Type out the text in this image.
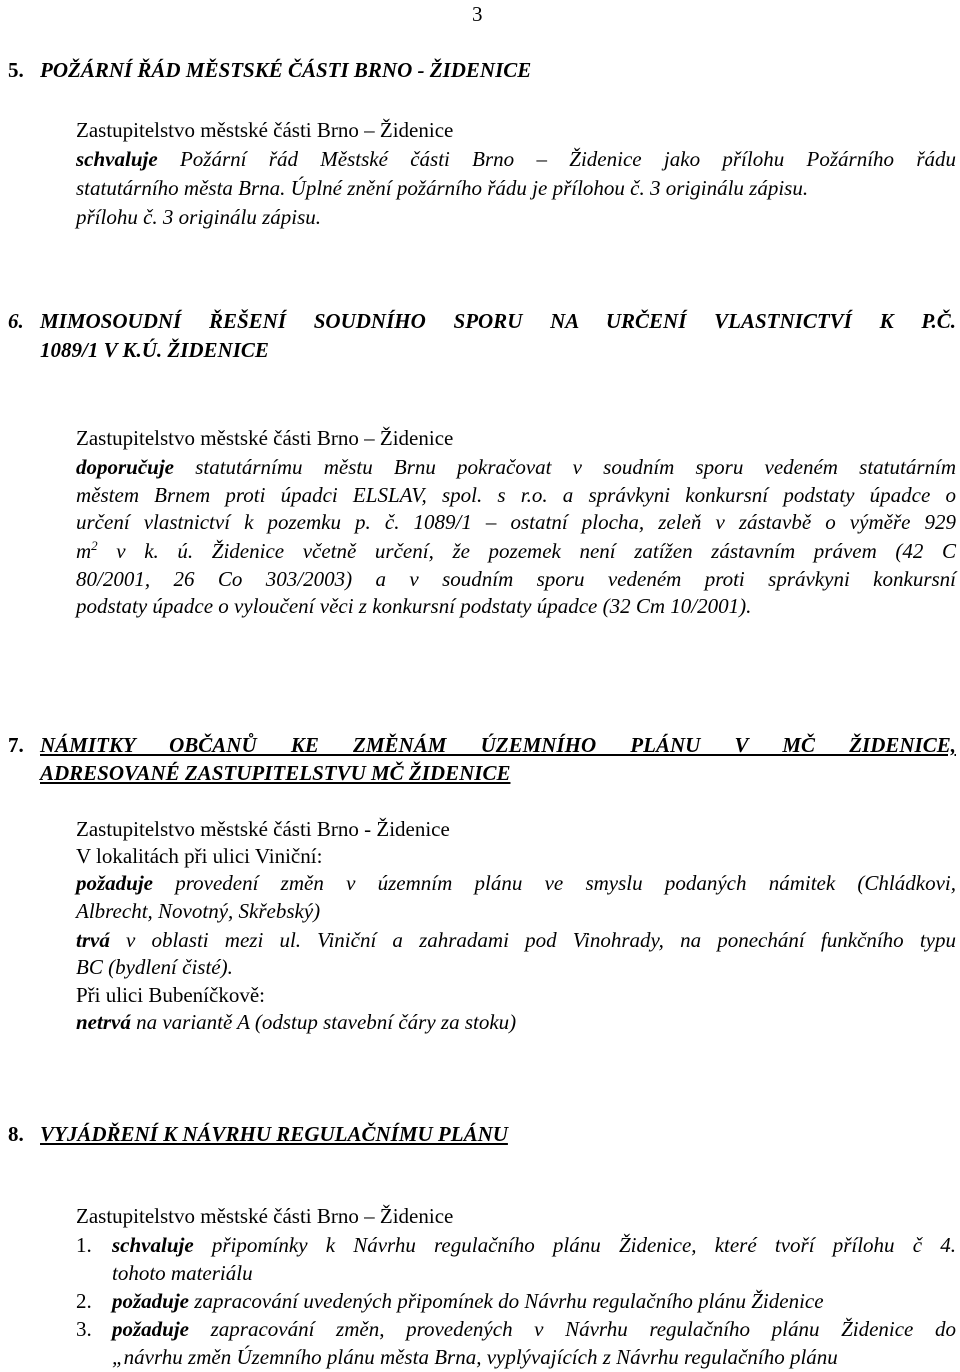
3
5. POŽÁRNÍ ŘÁD MĚSTSKÉ ČÁSTI BRNO - ŽIDENICE
Zastupitelstvo městské části Brno – Židenice
schvaluje Požární řád Městské části Brno – Židenice jako přílohu Požárního řádu
statutárního města Brna. Úplné znění požárního řádu je přílohou č. 3 originálu zápisu.
přílohu č. 3 originálu zápisu.
6. MIMOSOUDNÍ ŘEŠENÍ SOUDNÍHO SPORU NA URČENÍ VLASTNICTVÍ K P.Č.
1089/1 V K.Ú. ŽIDENICE
Zastupitelstvo městské části Brno – Židenice
doporučuje statutárnímu městu Brnu pokračovat v soudním sporu vedeném statutárním
městem Brnem proti úpadci ELSLAV, spol. s r.o. a správkyni konkursní podstaty úpadce o
určení vlastnictví k pozemku p. č. 1089/1 – ostatní plocha, zeleň v zástavbě o výměře 929
$m^2$ v k. ú. Židenice včetně určení, že pozemek není zatížen zástavním právem (42 C
80/2001, 26 Co 303/2003) a v soudním sporu vedeném proti správkyni konkursní
podstaty úpadce o vyloučení věci z konkursní podstaty úpadce (32 Cm 10/2001).
7. NÁMITKY OBČANŮ KE ZMĚNÁM ÚZEMNÍHO PLÁNU V MČ ŽIDENICE,
ADRESOVANÉ ZASTUPITELSTVU MČ ŽIDENICE
Zastupitelstvo městské části Brno - Židenice
V lokalitách při ulici Viniční:
požaduje provedení změn v územním plánu ve smyslu podaných námitek (Chládkovi,
Albrecht, Novotný, Skřebský)
trvá v oblasti mezi ul. Viniční a zahradami pod Vinohrady, na ponechání funkčního typu
BC (bydlení čisté).
Při ulici Bubeníčkově:
netrvá na variantě A (odstup stavební čáry za stoku)
8. VYJÁDŘENÍ K NÁVRHU REGULAČNÍMU PLÁNU
Zastupitelstvo městské části Brno – Židenice
1. schvaluje připomínky k Návrhu regulačního plánu Židenice, které tvoří přílohu č 4.
tohoto materiálu
2. požaduje zapracování uvedených připomínek do Návrhu regulačního plánu Židenice
3. požaduje zapracování změn, provedených v Návrhu regulačního plánu Židenice do
„návrhu změn Územního plánu města Brna, vyplývajících z Návrhu regulačního plánu
